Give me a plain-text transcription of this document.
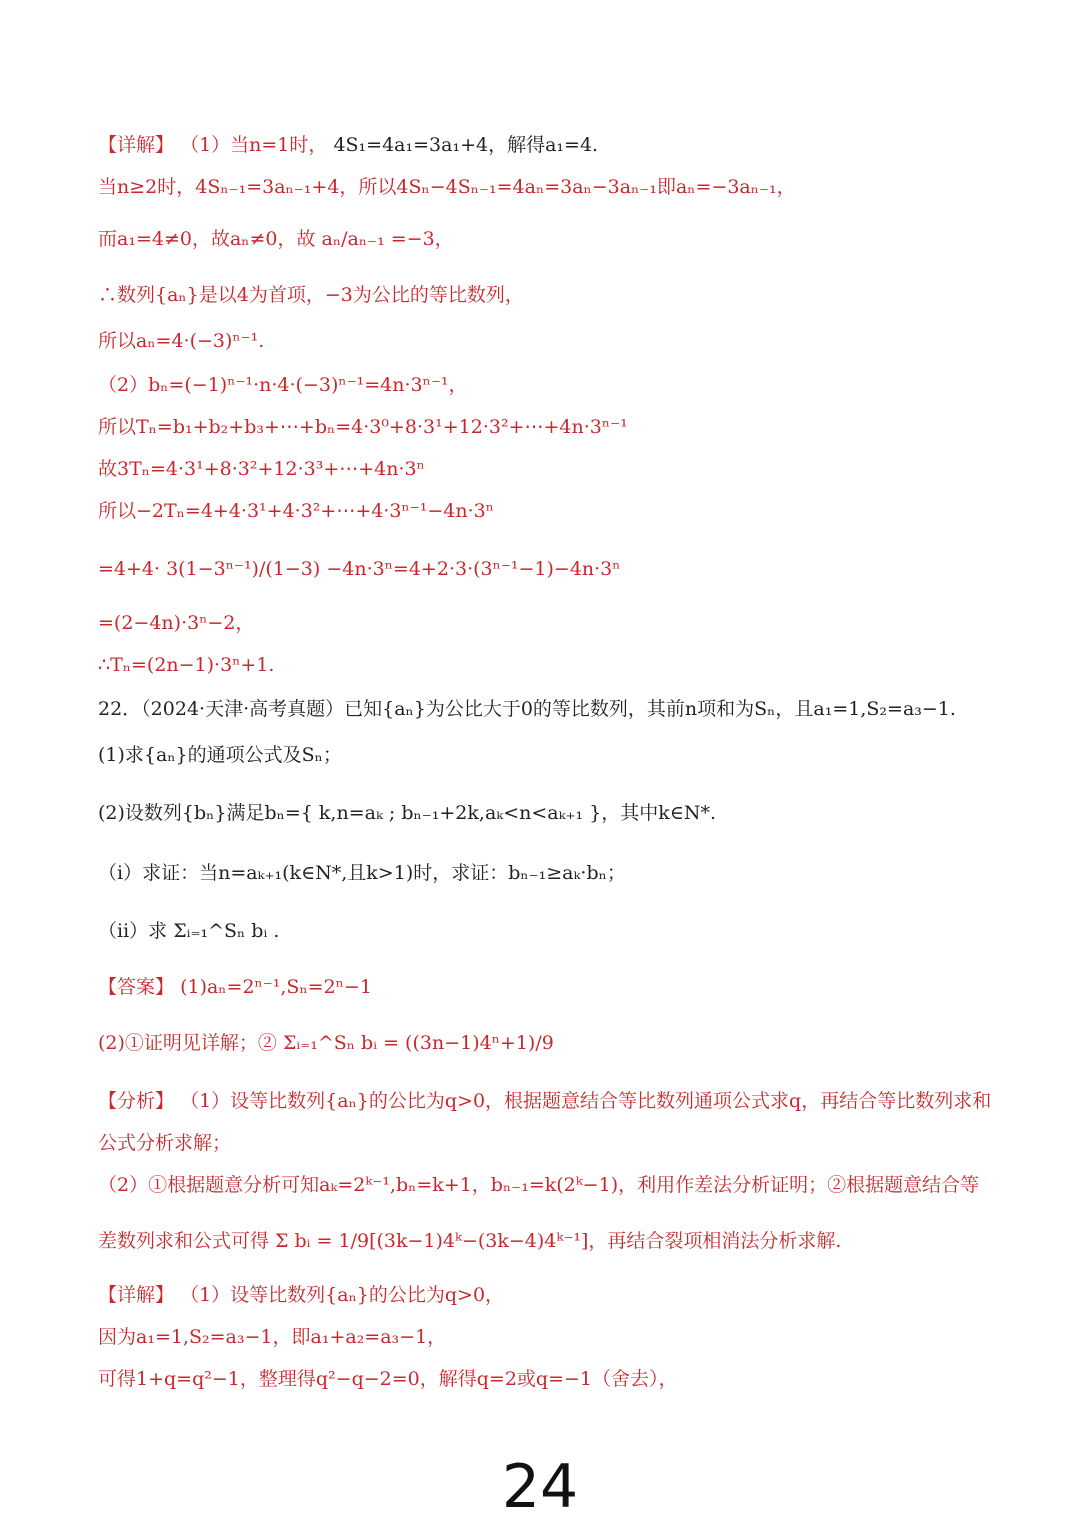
【详解】 （1）当n=1时， 4S₁=4a₁=3a₁+4，解得a₁=4.
当n≥2时，4Sₙ₋₁=3aₙ₋₁+4，所以4Sₙ−4Sₙ₋₁=4aₙ=3aₙ−3aₙ₋₁即aₙ=−3aₙ₋₁，
而a₁=4≠0，故aₙ≠0，故 aₙ/aₙ₋₁ =−3，
∴数列{aₙ}是以4为首项，−3为公比的等比数列，
所以aₙ=4·(−3)ⁿ⁻¹.
（2）bₙ=(−1)ⁿ⁻¹·n·4·(−3)ⁿ⁻¹=4n·3ⁿ⁻¹，
所以Tₙ=b₁+b₂+b₃+⋯+bₙ=4·3⁰+8·3¹+12·3²+⋯+4n·3ⁿ⁻¹
故3Tₙ=4·3¹+8·3²+12·3³+⋯+4n·3ⁿ
所以−2Tₙ=4+4·3¹+4·3²+⋯+4·3ⁿ⁻¹−4n·3ⁿ
=4+4· 3(1−3ⁿ⁻¹)/(1−3) −4n·3ⁿ=4+2·3·(3ⁿ⁻¹−1)−4n·3ⁿ
=(2−4n)·3ⁿ−2，
∴Tₙ=(2n−1)·3ⁿ+1.
22．（2024·天津·高考真题）已知{aₙ}为公比大于0的等比数列，其前n项和为Sₙ，且a₁=1,S₂=a₃−1.
(1)求{aₙ}的通项公式及Sₙ；
(2)设数列{bₙ}满足bₙ={ k,n=aₖ ; bₙ₋₁+2k,aₖ<n<aₖ₊₁ }，其中k∈N*.
（ⅰ）求证：当n=aₖ₊₁(k∈N*,且k>1)时，求证：bₙ₋₁≥aₖ·bₙ；
（ⅱ）求 Σᵢ₌₁^Sₙ bᵢ .
【答案】 (1)aₙ=2ⁿ⁻¹,Sₙ=2ⁿ−1
(2)①证明见详解；② Σᵢ₌₁^Sₙ bᵢ = ((3n−1)4ⁿ+1)/9
【分析】 （1）设等比数列{aₙ}的公比为q>0，根据题意结合等比数列通项公式求q，再结合等比数列求和
公式分析求解；
（2）①根据题意分析可知aₖ=2ᵏ⁻¹,bₙ=k+1，bₙ₋₁=k(2ᵏ−1)，利用作差法分析证明；②根据题意结合等
差数列求和公式可得 Σ bᵢ = 1/9[(3k−1)4ᵏ−(3k−4)4ᵏ⁻¹]，再结合裂项相消法分析求解.
【详解】 （1）设等比数列{aₙ}的公比为q>0，
因为a₁=1,S₂=a₃−1，即a₁+a₂=a₃−1，
可得1+q=q²−1，整理得q²−q−2=0，解得q=2或q=−1（舍去），
24
